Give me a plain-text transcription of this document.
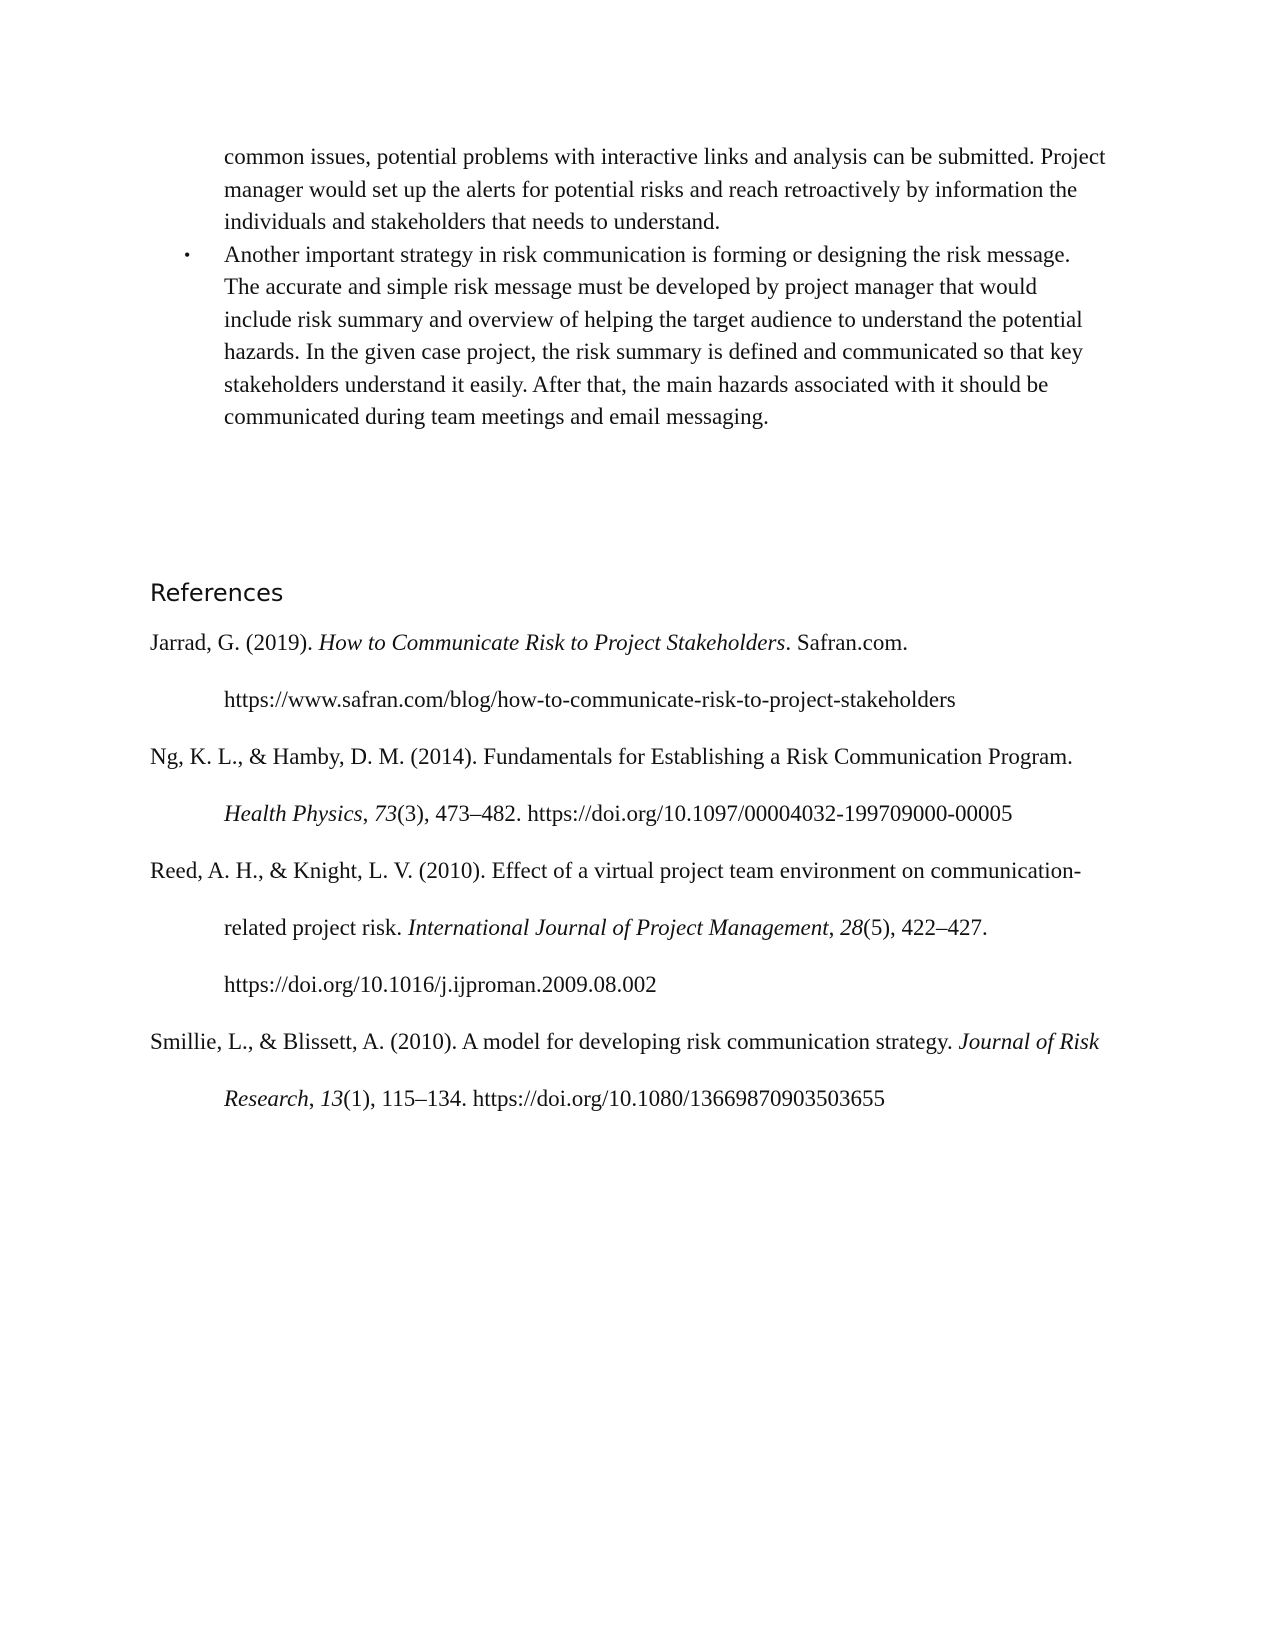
common issues, potential problems with interactive links and analysis can be submitted. Project manager would set up the alerts for potential risks and reach retroactively by information the individuals and stakeholders that needs to understand.
• Another important strategy in risk communication is forming or designing the risk message. The accurate and simple risk message must be developed by project manager that would include risk summary and overview of helping the target audience to understand the potential hazards. In the given case project, the risk summary is defined and communicated so that key stakeholders understand it easily. After that, the main hazards associated with it should be communicated during team meetings and email messaging.
References
Jarrad, G. (2019). How to Communicate Risk to Project Stakeholders. Safran.com. https://www.safran.com/blog/how-to-communicate-risk-to-project-stakeholders
Ng, K. L., & Hamby, D. M. (2014). Fundamentals for Establishing a Risk Communication Program. Health Physics, 73(3), 473–482. https://doi.org/10.1097/00004032-199709000-00005
Reed, A. H., & Knight, L. V. (2010). Effect of a virtual project team environment on communication-related project risk. International Journal of Project Management, 28(5), 422–427. https://doi.org/10.1016/j.ijproman.2009.08.002
Smillie, L., & Blissett, A. (2010). A model for developing risk communication strategy. Journal of Risk Research, 13(1), 115–134. https://doi.org/10.1080/13669870903503655
